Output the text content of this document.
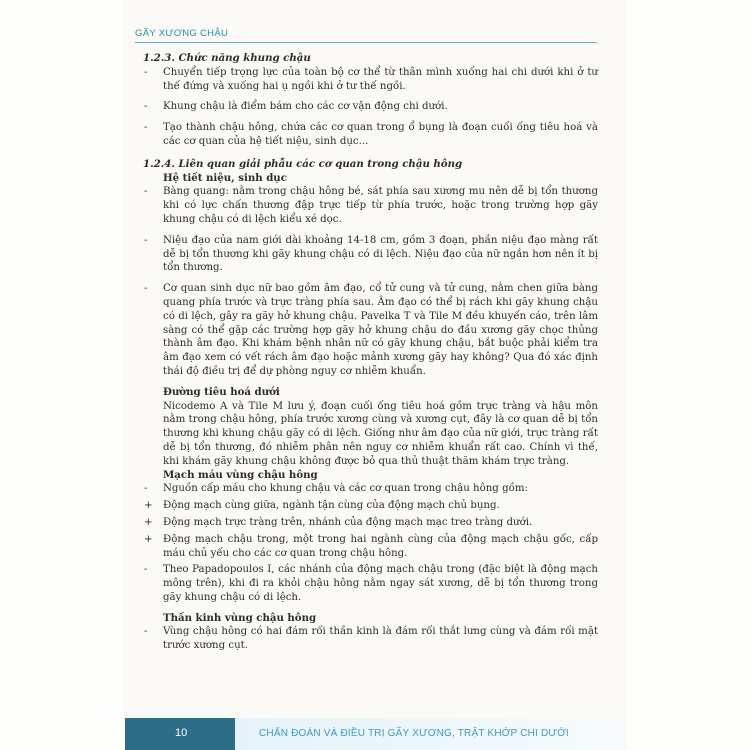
GÃY XƯƠNG CHẬU

1.2.3. Chức năng khung chậu

-	Chuyển tiếp trọng lực của toàn bộ cơ thể từ thân mình xuống hai chi dưới khi ở tư thế đứng và xuống hai ụ ngồi khi ở tư thế ngồi.
-	Khung chậu là điểm bám cho các cơ vận động chi dưới.
-	Tạo thành chậu hông, chứa các cơ quan trong ổ bụng là đoạn cuối ống tiêu hoá và các cơ quan của hệ tiết niệu, sinh dục...

1.2.4. Liên quan giải phẫu các cơ quan trong chậu hông

Hệ tiết niệu, sinh dục

-	Bàng quang: nằm trong chậu hông bé, sát phía sau xương mu nên dễ bị tổn thương khi có lực chấn thương đập trực tiếp từ phía trước, hoặc trong trường hợp gãy khung chậu có di lệch kiểu xé dọc.
-	Niệu đạo của nam giới dài khoảng 14-18 cm, gồm 3 đoạn, phần niệu đạo màng rất dễ bị tổn thương khi gãy khung chậu có di lệch. Niệu đạo của nữ ngắn hơn nên ít bị tổn thương.
-	Cơ quan sinh dục nữ bao gồm âm đạo, cổ tử cung và tử cung, nằm chen giữa bàng quang phía trước và trực tràng phía sau. Âm đạo có thể bị rách khi gãy khung chậu có di lệch, gây ra gãy hở khung chậu. Pavelka T và Tile M đều khuyến cáo, trên lâm sàng có thể gặp các trường hợp gãy hở khung chậu do đầu xương gãy chọc thủng thành âm đạo. Khi khám bệnh nhân nữ có gãy khung chậu, bắt buộc phải kiểm tra âm đạo xem có vết rách âm đạo hoặc mảnh xương gãy hay không? Qua đó xác định thái độ điều trị để dự phòng nguy cơ nhiễm khuẩn.

Đường tiêu hoá dưới

Nicodemo A và Tile M lưu ý, đoạn cuối ống tiêu hoá gồm trực tràng và hậu môn nằm trong chậu hông, phía trước xương cùng và xương cụt, đây là cơ quan dễ bị tổn thương khi khung chậu gãy có di lệch. Giống như âm đạo của nữ giới, trực tràng rất dễ bị tổn thương, đó nhiễm phân nên nguy cơ nhiễm khuẩn rất cao. Chính vì thế, khi khám gãy khung chậu không được bỏ qua thủ thuật thăm khám trực tràng.

Mạch máu vùng chậu hông

-	Nguồn cấp máu cho khung chậu và các cơ quan trong chậu hông gồm:
+	Động mạch cùng giữa, ngành tận cùng của động mạch chủ bụng.
+	Động mạch trực tràng trên, nhánh của động mạch mạc treo tràng dưới.
+	Động mạch chậu trong, một trong hai ngành cùng của động mạch chậu gốc, cấp máu chủ yếu cho các cơ quan trong chậu hông.
-	Theo Papadopoulos I, các nhánh của động mạch chậu trong (đặc biệt là động mạch mông trên), khi đi ra khỏi chậu hông nằm ngay sát xương, dễ bị tổn thương trong gãy khung chậu có di lệch.

Thần kinh vùng chậu hông

-	Vùng chậu hông có hai đám rối thần kinh là đám rối thắt lưng cùng và đám rối mặt trước xương cụt.
10	CHẨN ĐOÁN VÀ ĐIỀU TRỊ GÃY XƯƠNG, TRẬT KHỚP CHI DƯỚI
